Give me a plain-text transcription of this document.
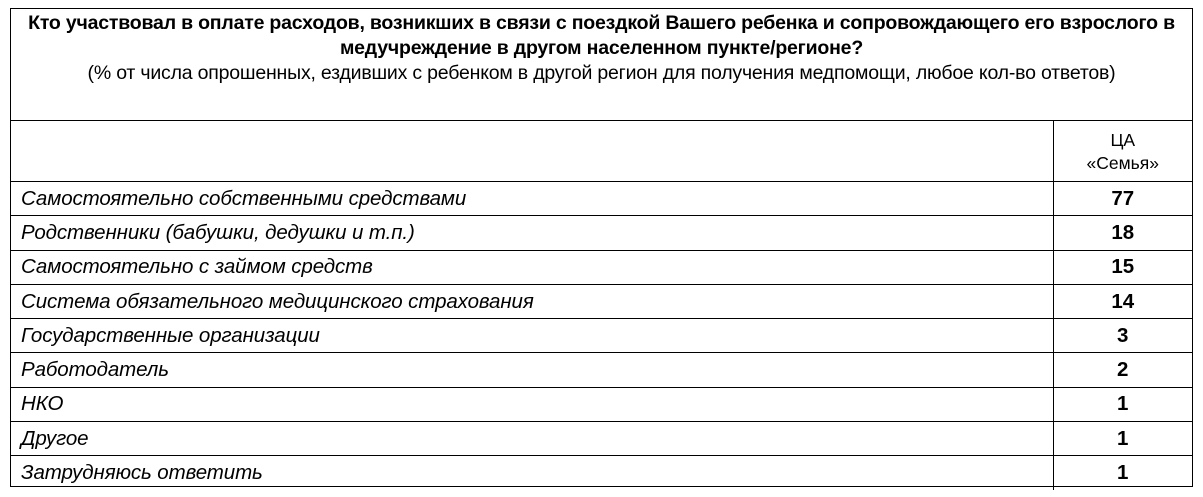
Кто участвовал в оплате расходов, возникших в связи с поездкой Вашего ребенка и сопровождающего его взрослого в медучреждение в другом населенном пункте/регионе?
(% от числа опрошенных, ездивших с ребенком в другой регион для получения медпомощи, любое кол-во ответов)

	ЦА
«Семья»

Самостоятельно собственными средствами	77
Родственники (бабушки, дедушки и т.п.)	18
Самостоятельно с займом средств	15
Система обязательного медицинского страхования	14
Государственные организации	3
Работодатель	2
НКО	1
Другое	1
Затрудняюсь ответить	1
